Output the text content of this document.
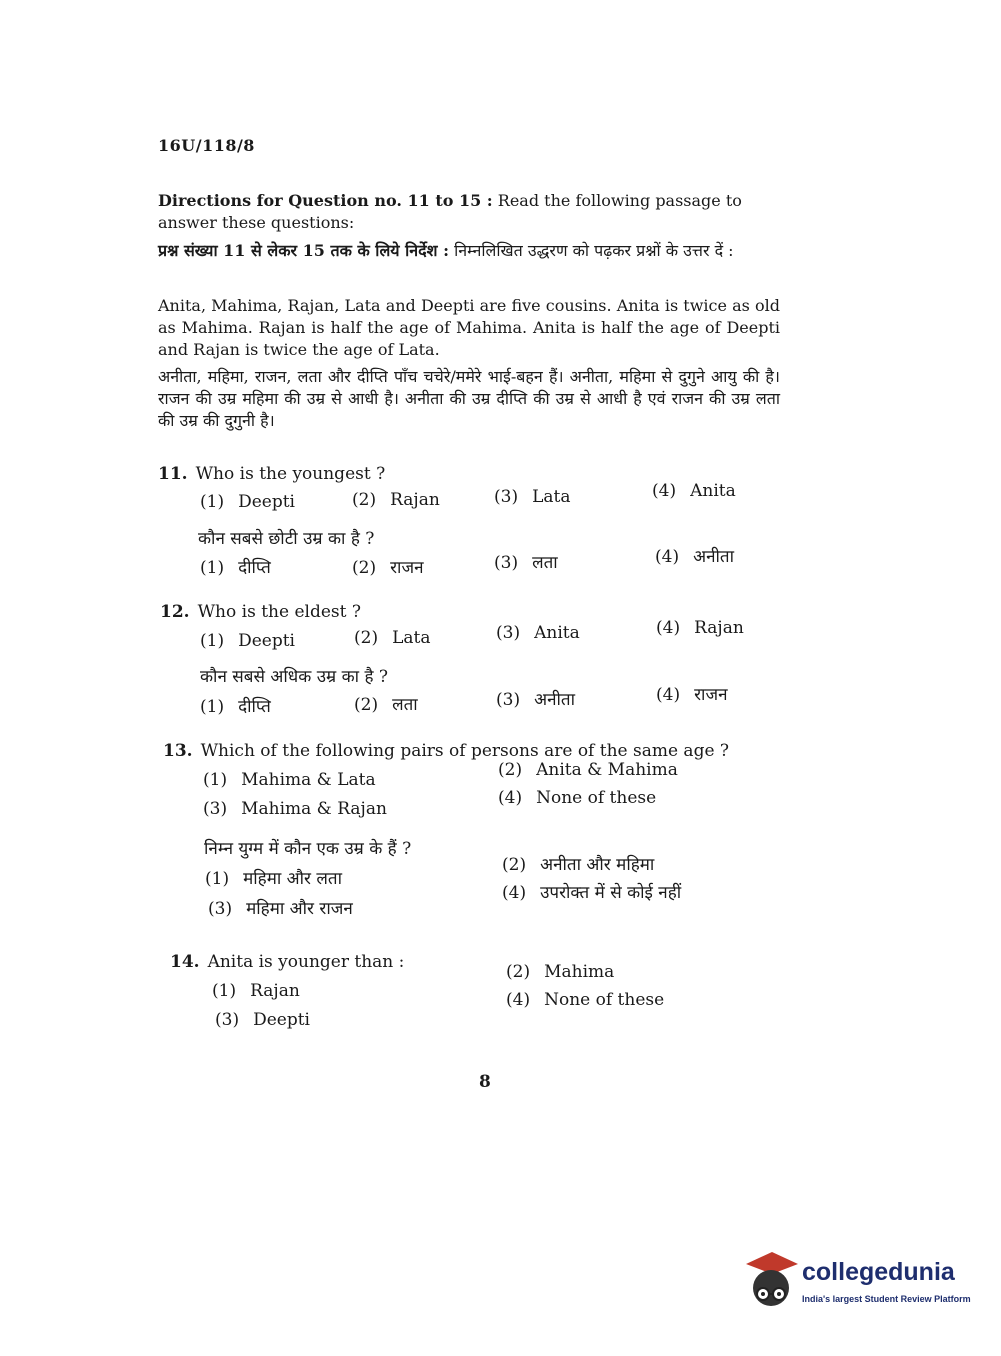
16U/118/8
Directions for Question no. 11 to 15 : Read the following passage to answer these questions:
प्रश्न संख्या 11 से लेकर 15 तक के लिये निर्देश : निम्नलिखित उद्धरण को पढ़कर प्रश्नों के उत्तर दें :
Anita, Mahima, Rajan, Lata and Deepti are five cousins. Anita is twice as old as Mahima. Rajan is half the age of Mahima. Anita is half the age of Deepti and Rajan is twice the age of Lata.
अनीता, महिमा, राजन, लता और दीप्ति पाँच चचेरे/ममेरे भाई-बहन हैं। अनीता, महिमा से दुगुने आयु की है। राजन की उम्र महिमा की उम्र से आधी है। अनीता की उम्र दीप्ति की उम्र से आधी है एवं राजन की उम्र लता की उम्र की दुगुनी है।
11. Who is the youngest ?
(1) Deepti	(2) Rajan	(3) Lata	(4) Anita
कौन सबसे छोटी उम्र का है ?
(1) दीप्ति	(2) राजन	(3) लता	(4) अनीता
12. Who is the eldest ?
(1) Deepti	(2) Lata	(3) Anita	(4) Rajan
कौन सबसे अधिक उम्र का है ?
(1) दीप्ति	(2) लता	(3) अनीता	(4) राजन
13. Which of the following pairs of persons are of the same age ?
(1) Mahima & Lata	(2) Anita & Mahima
(3) Mahima & Rajan
(4) None of these
निम्न युग्म में कौन एक उम्र के हैं ?
(1) महिमा और लता
(2) अनीता और महिमा
(3) महिमा और राजन
(4) उपरोक्त में से कोई नहीं
14. Anita is younger than :
(1) Rajan
(2) Mahima
(3) Deepti
(4) None of these
8
collegedunia
India's largest Student Review Platform
